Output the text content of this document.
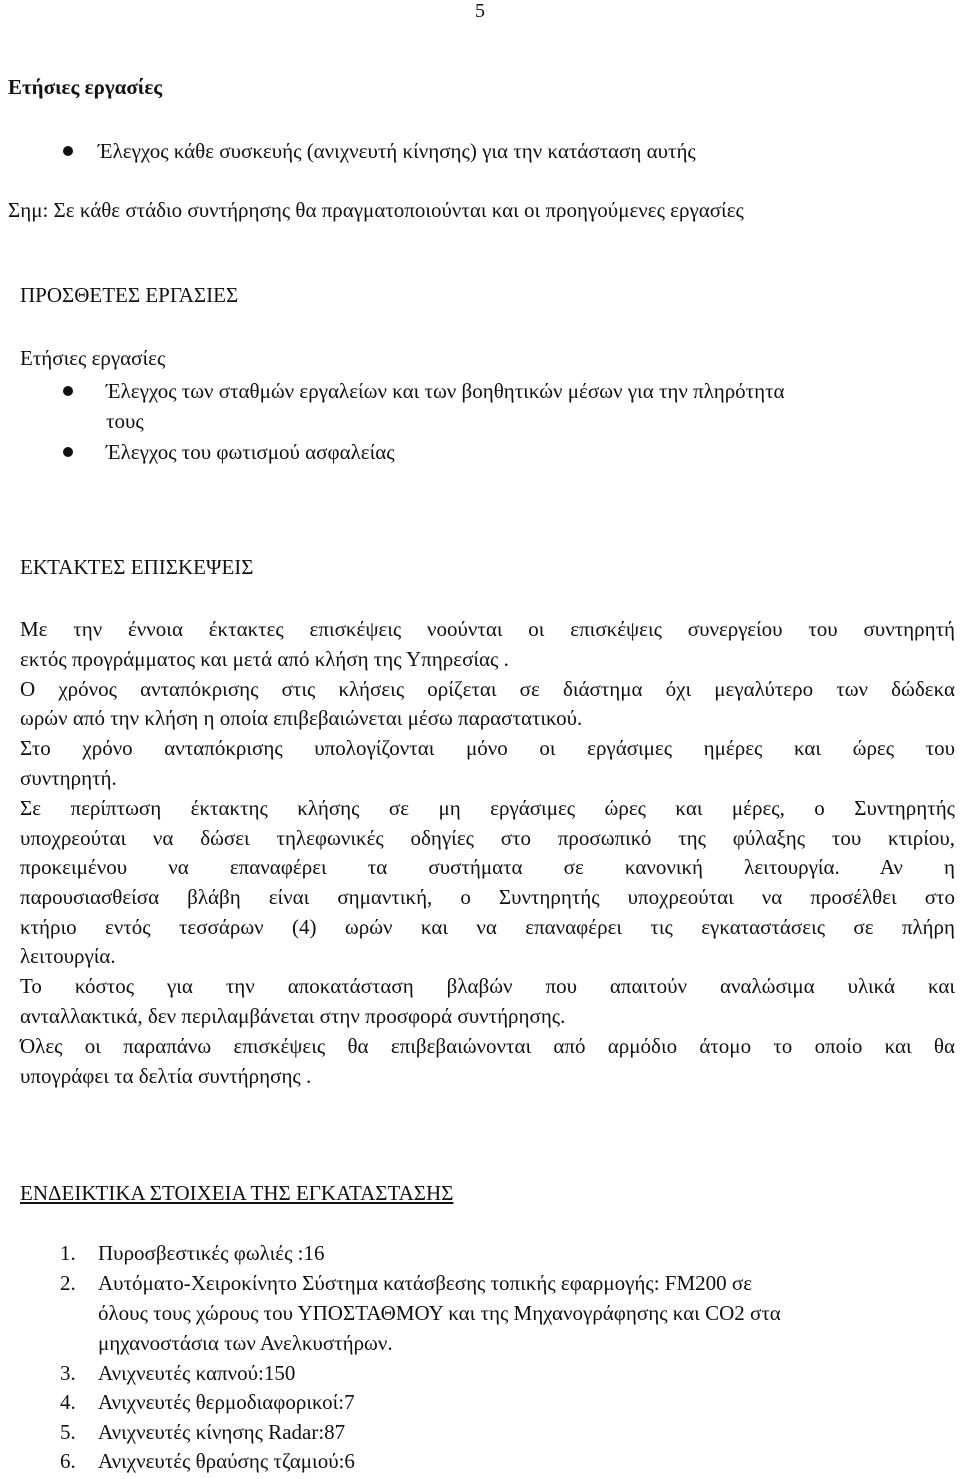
5
Ετήσιες εργασίες
Έλεγχος κάθε συσκευής (ανιχνευτή κίνησης) για την κατάσταση αυτής
Σημ: Σε κάθε στάδιο συντήρησης θα πραγματοποιούνται και οι προηγούμενες εργασίες
ΠΡΟΣΘΕΤΕΣ ΕΡΓΑΣΙΕΣ
Ετήσιες εργασίες
Έλεγχος των σταθμών εργαλείων και των βοηθητικών μέσων για την πληρότητα
τους
Έλεγχος του φωτισμού ασφαλείας
ΕΚΤΑΚΤΕΣ ΕΠΙΣΚΕΨΕΙΣ
Με την έννοια έκτακτες επισκέψεις νοούνται οι επισκέψεις συνεργείου του συντηρητή
εκτός προγράμματος και μετά από κλήση της Υπηρεσίας .
Ο χρόνος ανταπόκρισης στις κλήσεις ορίζεται σε διάστημα όχι μεγαλύτερο των δώδεκα
ωρών από την κλήση η οποία επιβεβαιώνεται μέσω παραστατικού.
Στο χρόνο ανταπόκρισης υπολογίζονται μόνο οι εργάσιμες ημέρες και ώρες του
συντηρητή.
Σε περίπτωση έκτακτης κλήσης σε μη εργάσιμες ώρες και μέρες, ο Συντηρητής
υποχρεούται να δώσει τηλεφωνικές οδηγίες στο προσωπικό της φύλαξης του κτιρίου,
προκειμένου να επαναφέρει τα συστήματα σε κανονική λειτουργία. Αν η
παρουσιασθείσα βλάβη είναι σημαντική, ο Συντηρητής υποχρεούται να προσέλθει στο
κτήριο εντός τεσσάρων (4) ωρών και να επαναφέρει τις εγκαταστάσεις σε πλήρη
λειτουργία.
Το κόστος για την αποκατάσταση βλαβών που απαιτούν αναλώσιμα υλικά και
ανταλλακτικά, δεν περιλαμβάνεται στην προσφορά συντήρησης.
Όλες οι παραπάνω επισκέψεις θα επιβεβαιώνονται από αρμόδιο άτομο το οποίο και θα
υπογράφει τα δελτία συντήρησης .
ΕΝΔΕΙΚΤΙΚΑ ΣΤΟΙΧΕΙΑ ΤΗΣ ΕΓΚΑΤΑΣΤΑΣΗΣ
1. Πυροσβεστικές φωλιές :16
2. Αυτόματο-Χειροκίνητο Σύστημα κατάσβεσης τοπικής εφαρμογής: FM200 σε
όλους τους χώρους του ΥΠΟΣΤΑΘΜΟΥ και της Μηχανογράφησης και CO2 στα
μηχανοστάσια των Ανελκυστήρων.
3. Ανιχνευτές καπνού:150
4. Ανιχνευτές θερμοδιαφορικοί:7
5. Ανιχνευτές κίνησης Radar:87
6. Ανιχνευτές θραύσης τζαμιού:6
